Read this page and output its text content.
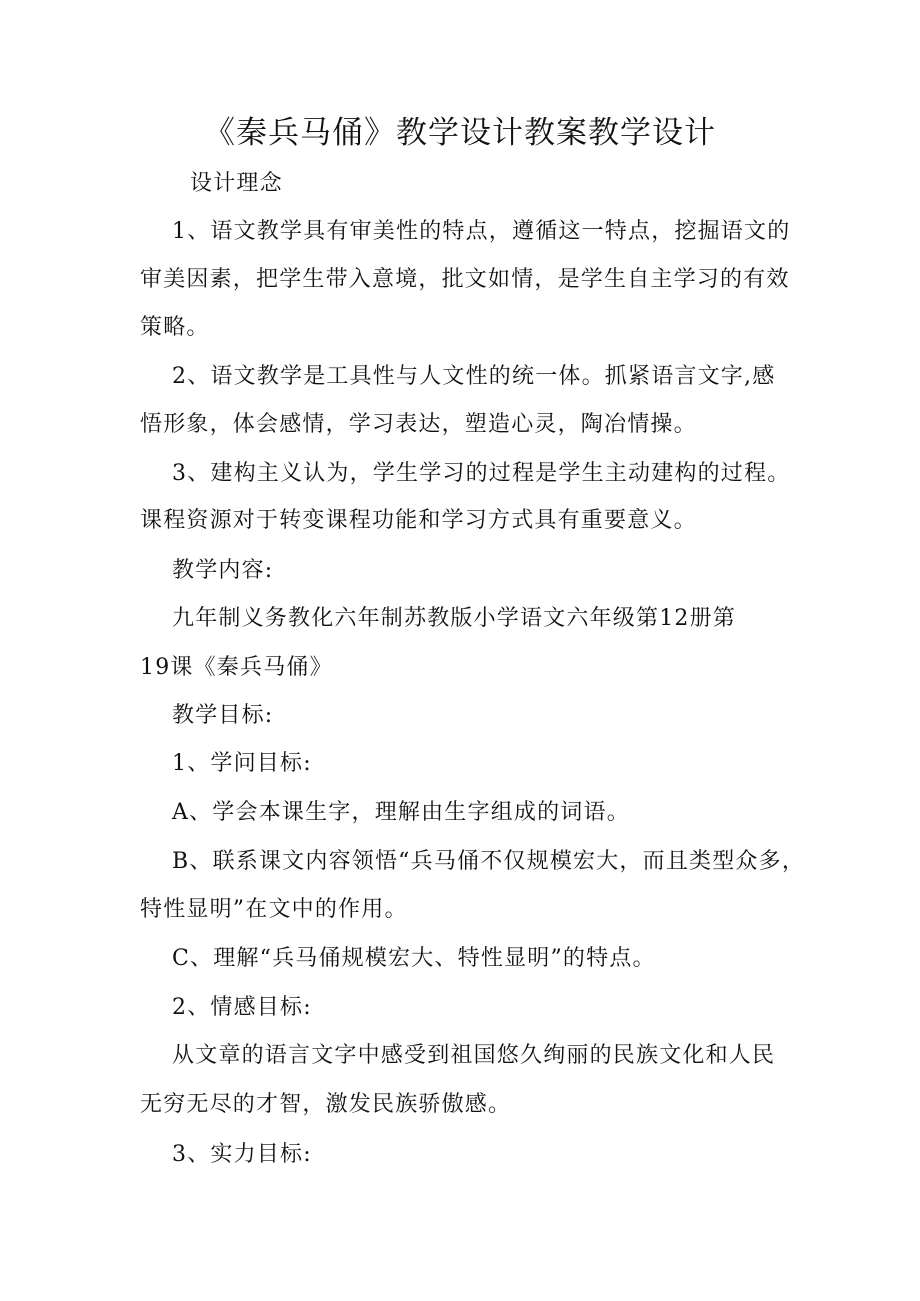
《秦兵马俑》教学设计教案教学设计
设计理念
1、语文教学具有审美性的特点，遵循这一特点，挖掘语文的
审美因素，把学生带入意境，批文如情，是学生自主学习的有效
策略。
2、语文教学是工具性与人文性的统一体。抓紧语言文字,感
悟形象，体会感情，学习表达，塑造心灵，陶冶情操。
3、建构主义认为，学生学习的过程是学生主动建构的过程。
课程资源对于转变课程功能和学习方式具有重要意义。
教学内容:
九年制义务教化六年制苏教版小学语文六年级第12册第
19课《秦兵马俑》
教学目标:
1、学问目标:
A、学会本课生字，理解由生字组成的词语。
B、联系课文内容领悟“兵马俑不仅规模宏大，而且类型众多，
特性显明”在文中的作用。
C、理解“兵马俑规模宏大、特性显明”的特点。
2、情感目标:
从文章的语言文字中感受到祖国悠久绚丽的民族文化和人民
无穷无尽的才智，激发民族骄傲感。
3、实力目标:
